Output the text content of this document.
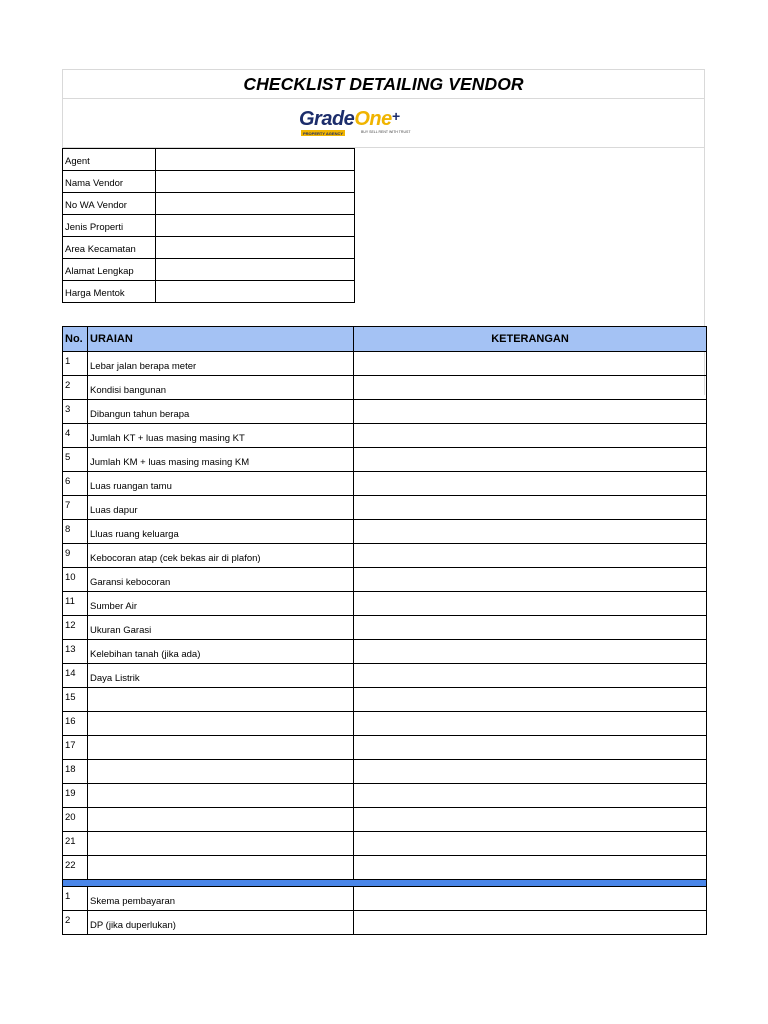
CHECKLIST DETAILING VENDOR
GradeOne+
PROPERTY AGENCY	BUY SELL RENT WITH TRUST
Agent	
Nama Vendor	
No WA Vendor	
Jenis Properti	
Area Kecamatan	
Alamat Lengkap	
Harga Mentok	
No.	URAIAN	KETERANGAN
1	Lebar jalan berapa meter	
2	Kondisi bangunan	
3	Dibangun tahun berapa	
4	Jumlah KT + luas masing masing KT	
5	Jumlah KM + luas masing masing KM	
6	Luas ruangan tamu	
7	Luas dapur	
8	Lluas ruang keluarga	
9	Kebocoran atap (cek bekas air di plafon)	
10	Garansi kebocoran	
11	Sumber Air	
12	Ukuran Garasi	
13	Kelebihan tanah (jika ada)	
14	Daya Listrik	
15		
16		
17		
18		
19		
20		
21		
22		

1	Skema pembayaran	
2	DP (jika duperlukan)	
